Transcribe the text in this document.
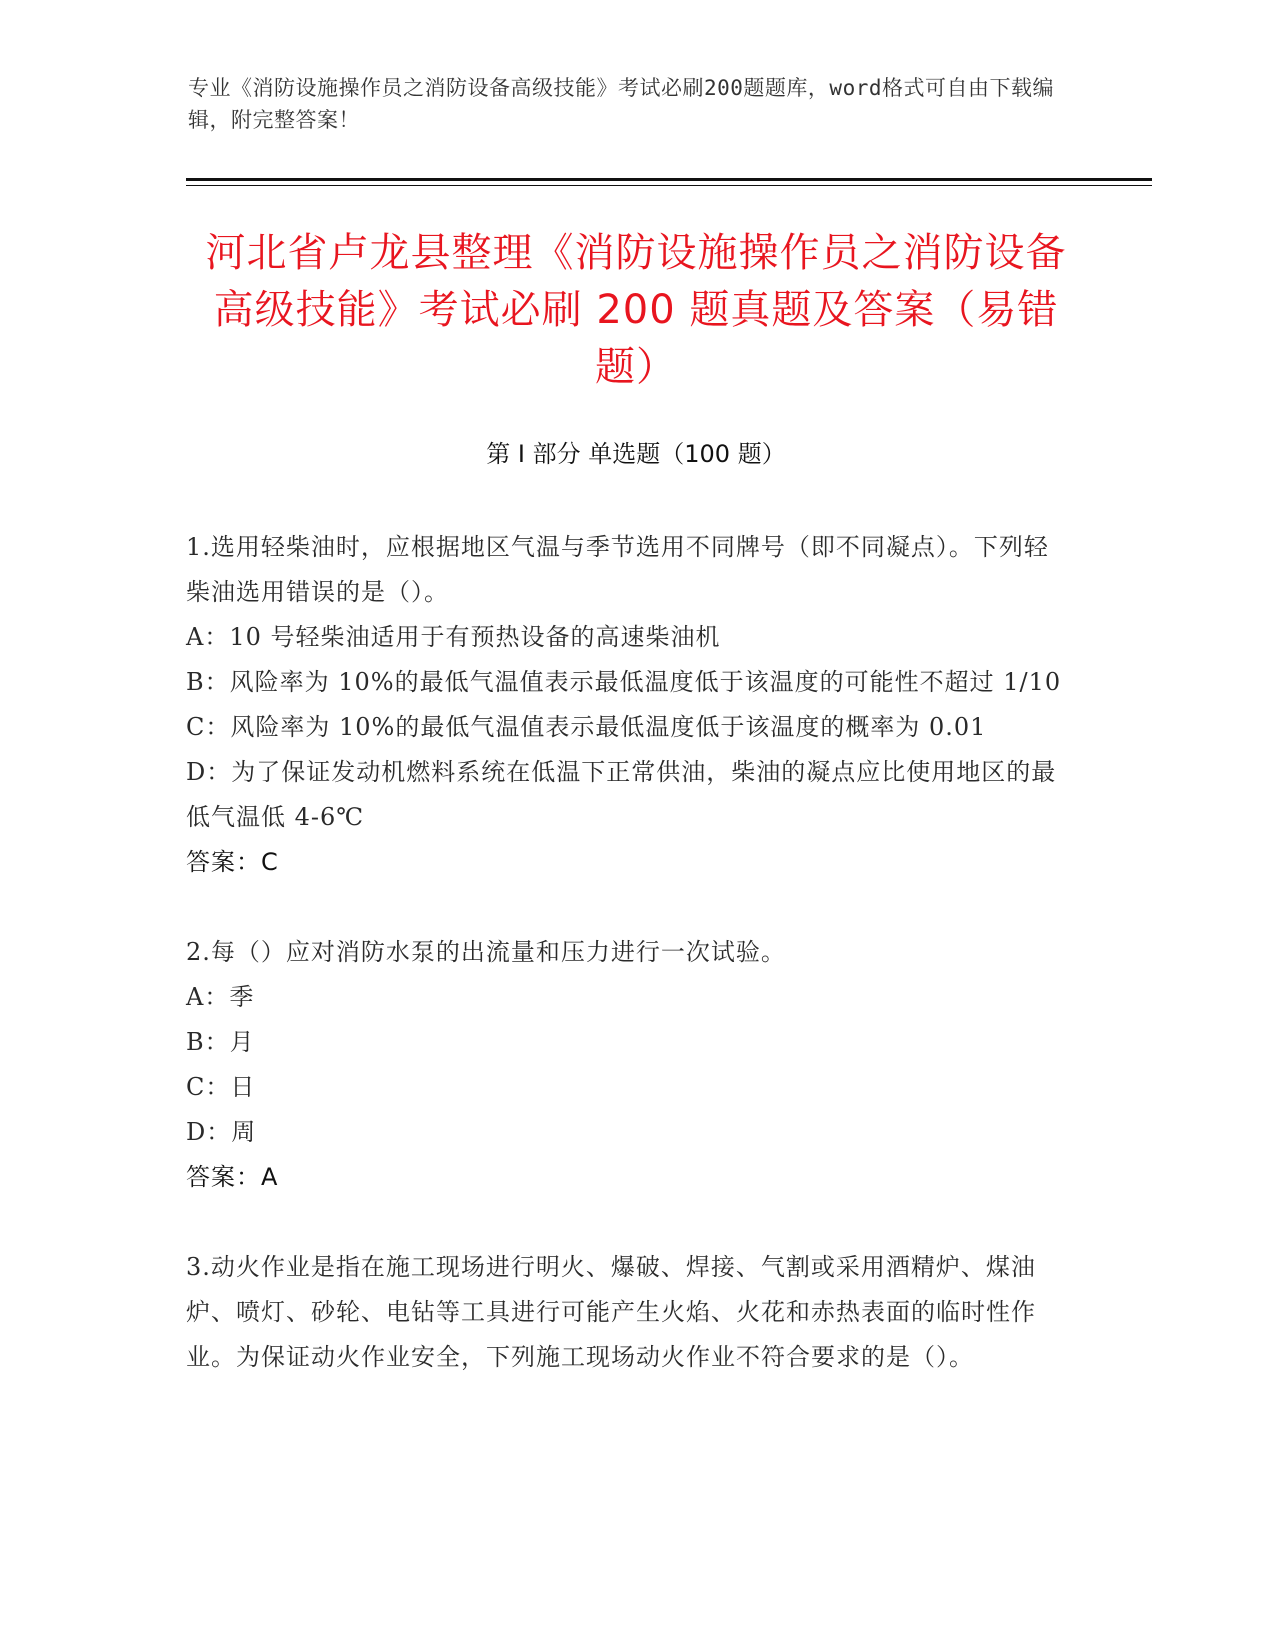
专业《消防设施操作员之消防设备高级技能》考试必刷200题题库，word格式可自由下载编辑，附完整答案！
河北省卢龙县整理《消防设施操作员之消防设备高级技能》考试必刷 200 题真题及答案（易错题）
第 I 部分 单选题（100 题）

1.选用轻柴油时，应根据地区气温与季节选用不同牌号（即不同凝点）。下列轻柴油选用错误的是（）。

A：10 号轻柴油适用于有预热设备的高速柴油机

B：风险率为 10%的最低气温值表示最低温度低于该温度的可能性不超过 1/10

C：风险率为 10%的最低气温值表示最低温度低于该温度的概率为 0.01

D：为了保证发动机燃料系统在低温下正常供油，柴油的凝点应比使用地区的最低气温低 4-6℃

答案：C

2.每（）应对消防水泵的出流量和压力进行一次试验。

A：季

B：月

C：日

D：周

答案：A

3.动火作业是指在施工现场进行明火、爆破、焊接、气割或采用酒精炉、煤油炉、喷灯、砂轮、电钻等工具进行可能产生火焰、火花和赤热表面的临时性作业。为保证动火作业安全，下列施工现场动火作业不符合要求的是（）。
